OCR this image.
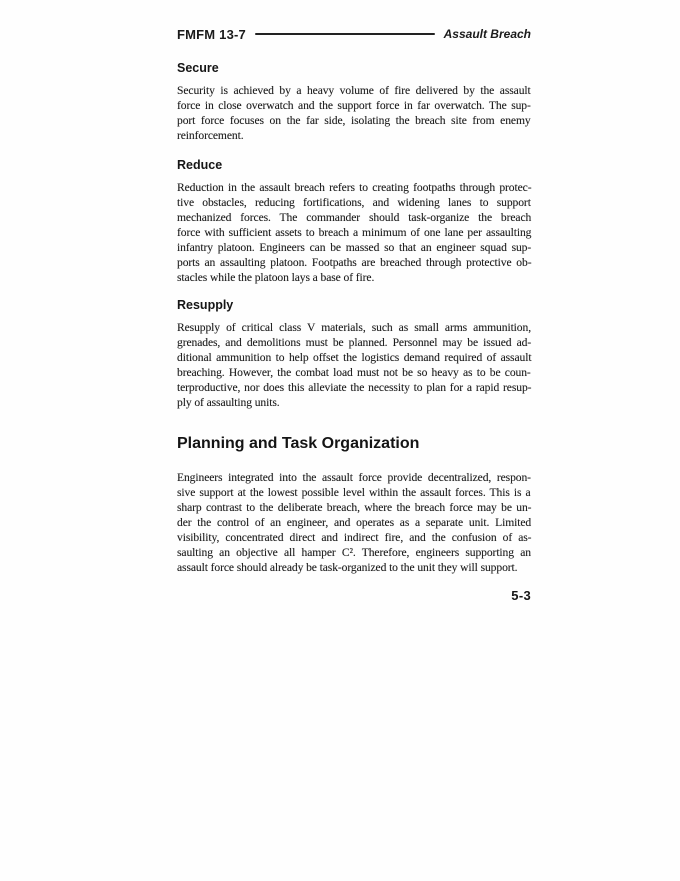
FMFM 13-7	Assault Breach
Secure
Security is achieved by a heavy volume of fire delivered by the assault
force in close overwatch and the support force in far overwatch. The sup-
port force focuses on the far side, isolating the breach site from enemy
reinforcement.
Reduce
Reduction in the assault breach refers to creating footpaths through protec-
tive obstacles, reducing fortifications, and widening lanes to support
mechanized forces. The commander should task-organize the breach
force with sufficient assets to breach a minimum of one lane per assaulting
infantry platoon. Engineers can be massed so that an engineer squad sup-
ports an assaulting platoon. Footpaths are breached through protective ob-
stacles while the platoon lays a base of fire.
Resupply
Resupply of critical class V materials, such as small arms ammunition,
grenades, and demolitions must be planned. Personnel may be issued ad-
ditional ammunition to help offset the logistics demand required of assault
breaching. However, the combat load must not be so heavy as to be coun-
terproductive, nor does this alleviate the necessity to plan for a rapid resup-
ply of assaulting units.
Planning and Task Organization
Engineers integrated into the assault force provide decentralized, respon-
sive support at the lowest possible level within the assault forces. This is a
sharp contrast to the deliberate breach, where the breach force may be un-
der the control of an engineer, and operates as a separate unit. Limited
visibility, concentrated direct and indirect fire, and the confusion of as-
saulting an objective all hamper C². Therefore, engineers supporting an
assault force should already be task-organized to the unit they will support.
5-3
